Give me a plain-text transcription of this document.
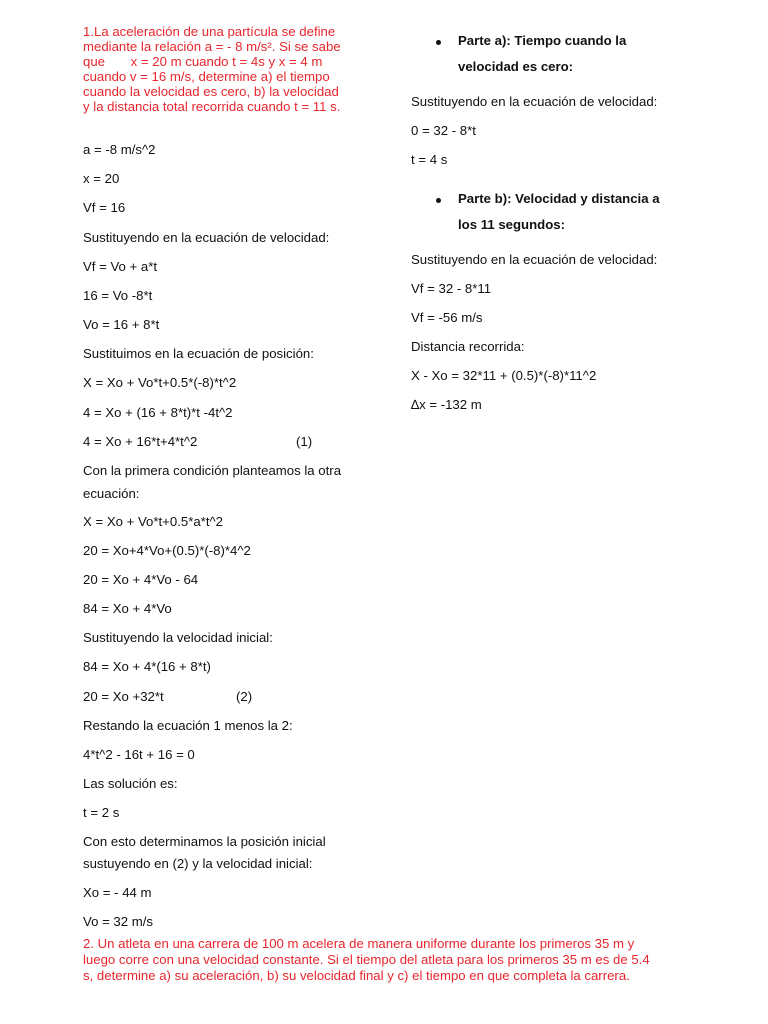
1.La aceleración de una partícula se define

mediante la relación a = - 8 m/s². Si se sabe

que       x = 20 m cuando t = 4s y x = 4 m

cuando v = 16 m/s, determine a) el tiempo

cuando la velocidad es cero, b) la velocidad

y la distancia total recorrida cuando t = 11 s.

a = -8 m/s^2
x = 20
Vf = 16
Sustituyendo en la ecuación de velocidad:
Vf = Vo + a*t
16 = Vo -8*t
Vo = 16 + 8*t
Sustituimos en la ecuación de posición:
X = Xo + Vo*t+0.5*(-8)*t^2
4 = Xo + (16 + 8*t)*t -4t^2
4 = Xo + 16*t+4*t^2	(1)
Con la primera condición planteamos la otra
ecuación:
X = Xo + Vo*t+0.5*a*t^2
20 = Xo+4*Vo+(0.5)*(-8)*4^2
20 = Xo + 4*Vo - 64
84 = Xo + 4*Vo
Sustituyendo la velocidad inicial:
84 = Xo + 4*(16 + 8*t)
20 = Xo +32*t	(2)
Restando la ecuación 1 menos la 2:
4*t^2 - 16t + 16 = 0
Las solución es:
t = 2 s
Con esto determinamos la posición inicial
sustuyendo en (2) y la velocidad inicial:
Xo = - 44 m
Vo = 32 m/s
Parte a): Tiempo cuando la
velocidad es cero:
Sustituyendo en la ecuación de velocidad:
0 = 32 - 8*t
t = 4 s
Parte b): Velocidad y distancia a
los 11 segundos:
Sustituyendo en la ecuación de velocidad:
Vf = 32 - 8*11
Vf = -56 m/s
Distancia recorrida:
X - Xo = 32*11 + (0.5)*(-8)*11^2
∆x = -132 m

2. Un atleta en una carrera de 100 m acelera de manera uniforme durante los primeros 35 m y

luego corre con una velocidad constante. Si el tiempo del atleta para los primeros 35 m es de 5.4

s, determine a) su aceleración, b) su velocidad final y c) el tiempo en que completa la carrera.
